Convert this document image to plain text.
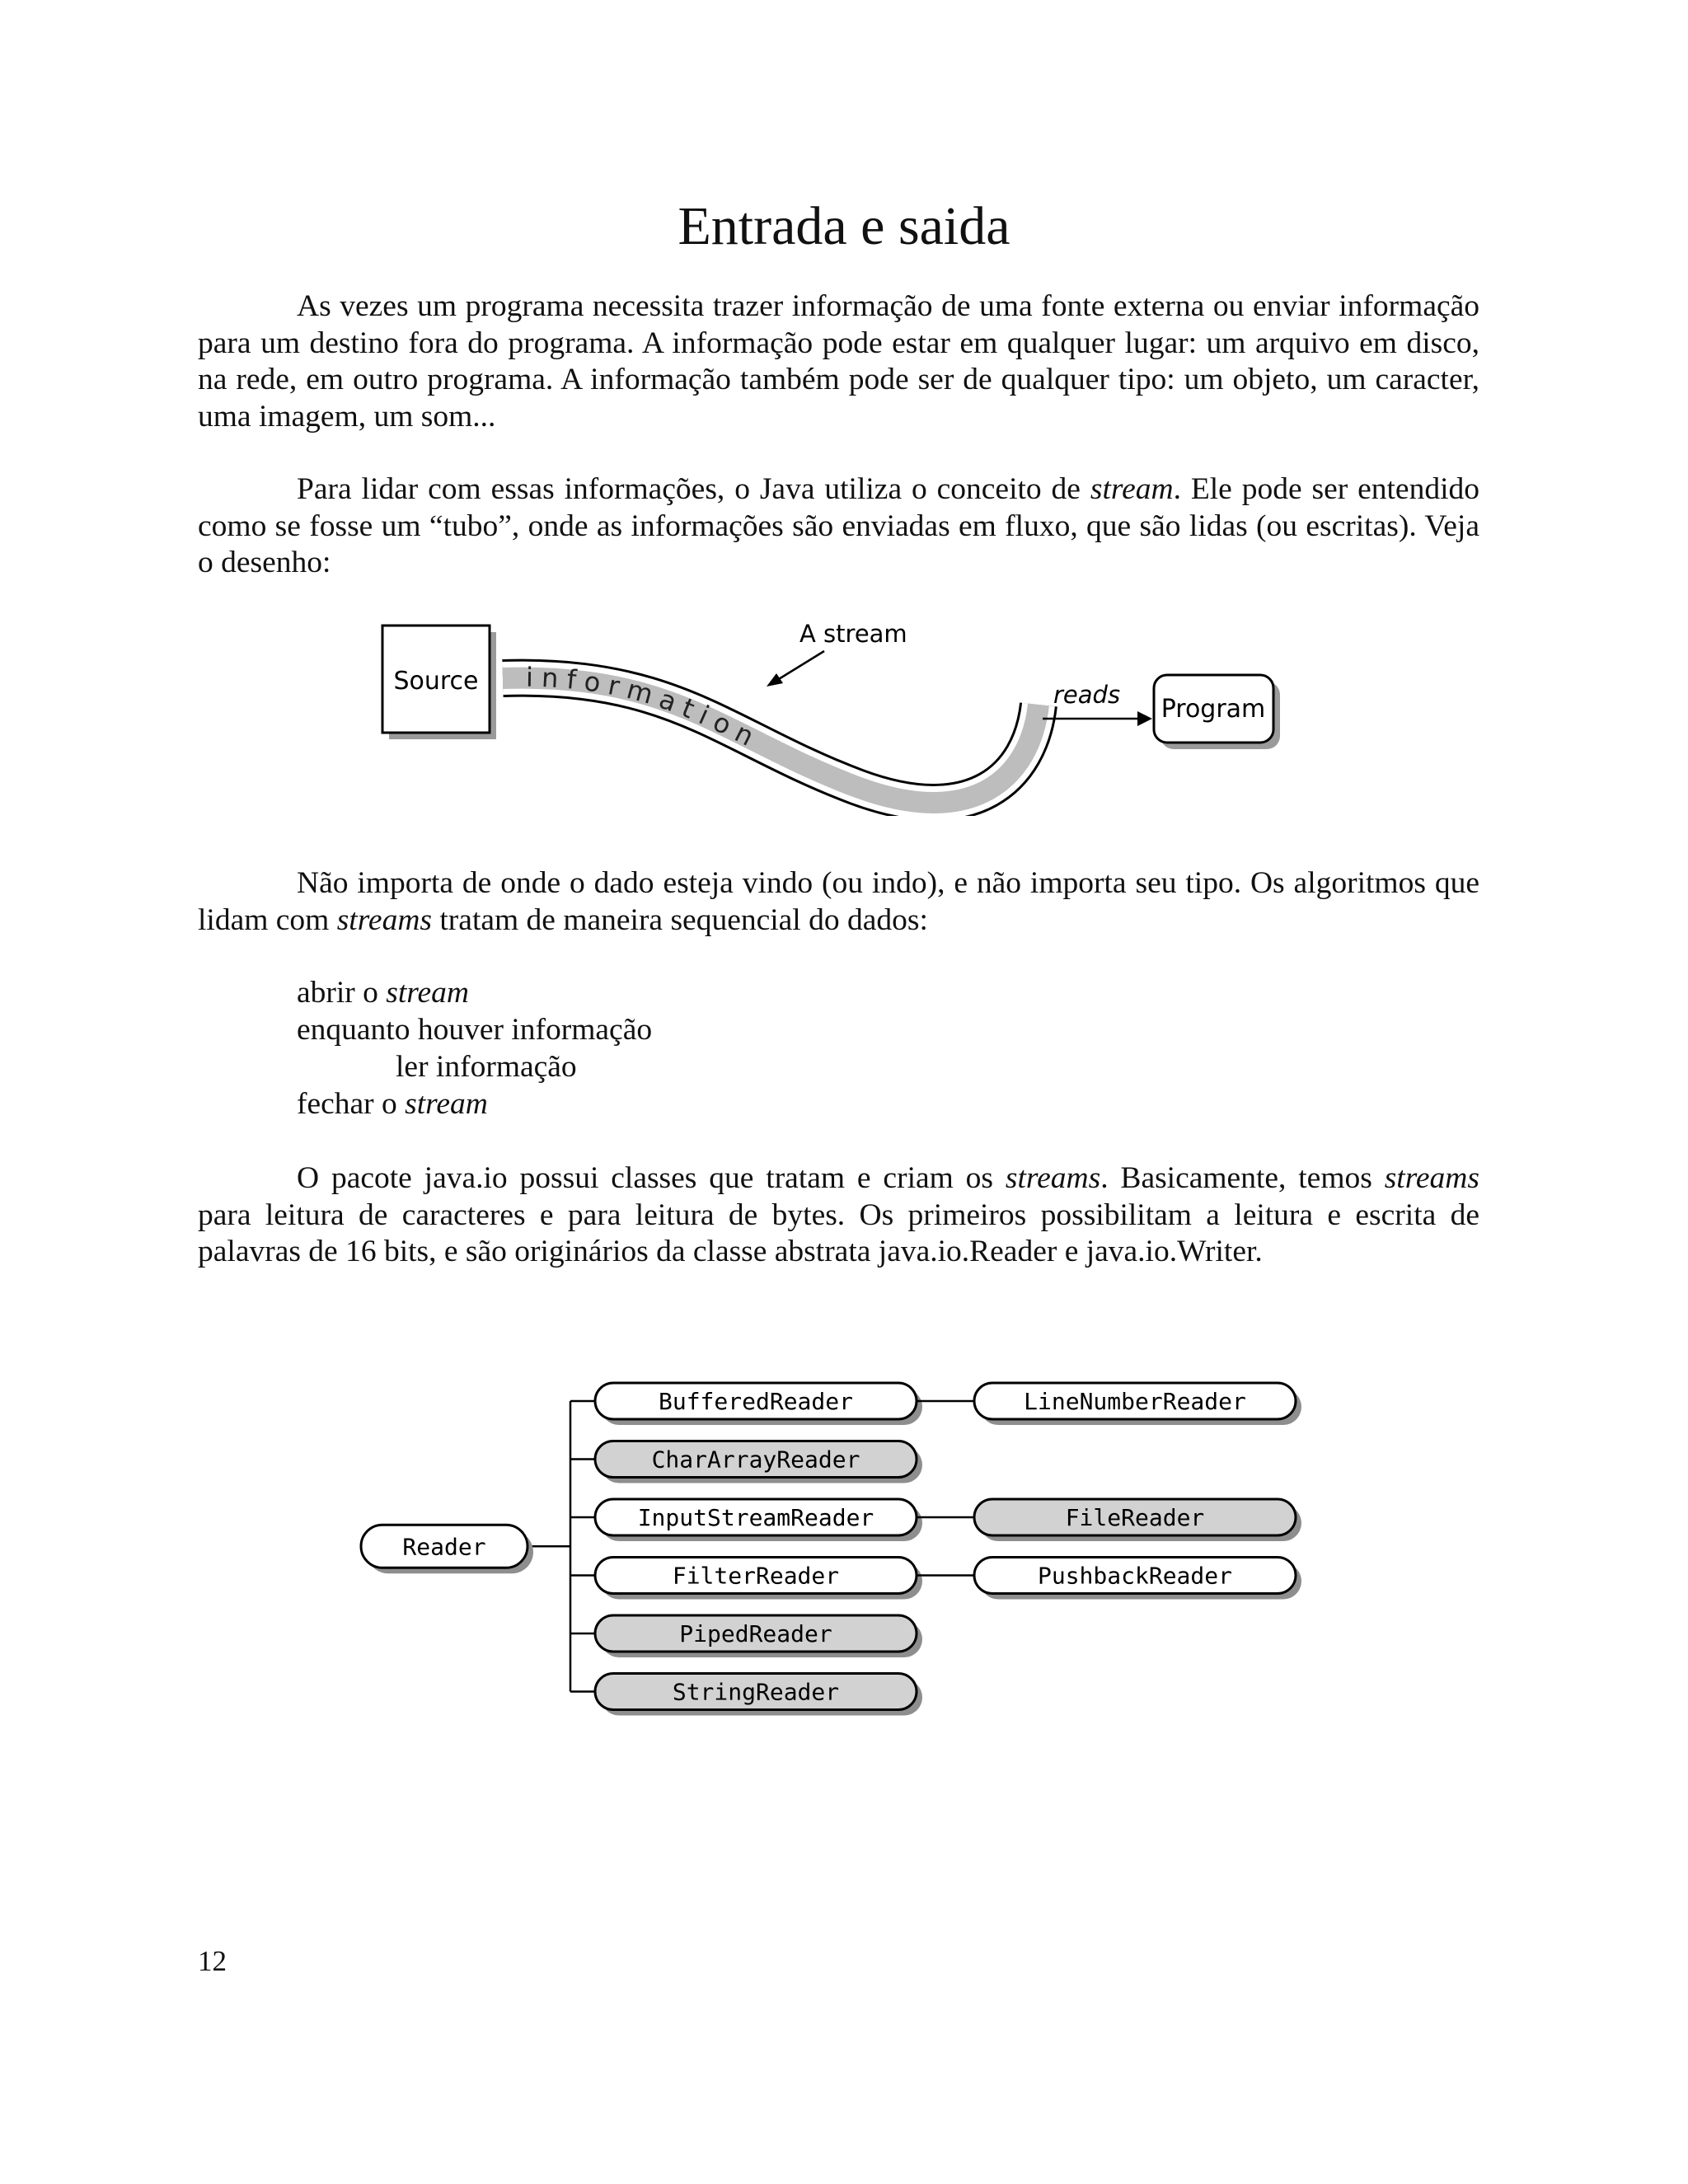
Entrada e saida

As vezes um programa necessita trazer informação de uma fonte externa ou enviar informação para um destino fora do programa. A informação pode estar em qualquer lugar: um arquivo em disco, na rede, em outro programa. A informação também pode ser de qualquer tipo: um objeto, um caracter, uma imagem, um som...

Para lidar com essas informações, o Java utiliza o conceito de stream. Ele pode ser entendido como se fosse um “tubo”, onde as informações são enviadas em fluxo, que são lidas (ou escritas). Veja o desenho:

Source i n f o r m a t i o n
A stream
reads Program

Não importa de onde o dado esteja vindo (ou indo), e não importa seu tipo. Os algoritmos que lidam com streams tratam de maneira sequencial do dados:

abrir o stream

enquanto houver informação

ler informação

fechar o stream

O pacote java.io possui classes que tratam e criam os streams. Basicamente, temos streams para leitura de caracteres e para leitura de bytes. Os primeiros possibilitam a leitura e escrita de palavras de 16 bits, e são originários da classe abstrata java.io.Reader e java.io.Writer.

Reader
BufferedReader	LineNumberReader
CharArrayReader
InputStreamReader	FileReader
FilterReader	PushbackReader
PipedReader
StringReader
12
